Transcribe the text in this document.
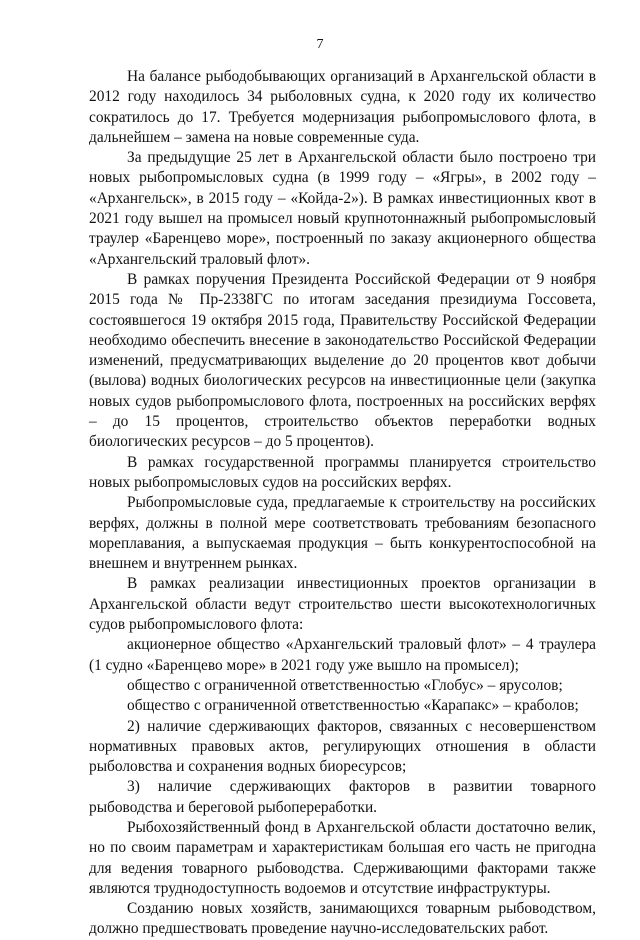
7

На балансе рыбодобывающих организаций в Архангельской области в 2012 году находилось 34 рыболовных судна, к 2020 году их количество сократилось до 17. Требуется модернизация рыбопромыслового флота, в дальнейшем – замена на новые современные суда.

За предыдущие 25 лет в Архангельской области было построено три новых рыбопромысловых судна (в 1999 году – «Ягры», в 2002 году – «Архангельск», в 2015 году – «Койда-2»). В рамках инвестиционных квот в 2021 году вышел на промысел новый крупнотоннажный рыбопромысловый траулер «Баренцево море», построенный по заказу акционерного общества «Архангельский траловый флот».

В рамках поручения Президента Российской Федерации от 9 ноября 2015 года № Пр-2338ГС по итогам заседания президиума Госсовета, состоявшегося 19 октября 2015 года, Правительству Российской Федерации необходимо обеспечить внесение в законодательство Российской Федерации изменений, предусматривающих выделение до 20 процентов квот добычи (вылова) водных биологических ресурсов на инвестиционные цели (закупка новых судов рыбопромыслового флота, построенных на российских верфях – до 15 процентов, строительство объектов переработки водных биологических ресурсов – до 5 процентов).

В рамках государственной программы планируется строительство новых рыбопромысловых судов на российских верфях.

Рыбопромысловые суда, предлагаемые к строительству на российских верфях, должны в полной мере соответствовать требованиям безопасного мореплавания, а выпускаемая продукция – быть конкурентоспособной на внешнем и внутреннем рынках.

В рамках реализации инвестиционных проектов организации в Архангельской области ведут строительство шести высокотехнологичных судов рыбопромыслового флота:

акционерное общество «Архангельский траловый флот» – 4 траулера (1 судно «Баренцево море» в 2021 году уже вышло на промысел);

общество с ограниченной ответственностью «Глобус» – ярусолов;

общество с ограниченной ответственностью «Карапакс» – краболов;

2) наличие сдерживающих факторов, связанных с несовершенством нормативных правовых актов, регулирующих отношения в области рыболовства и сохранения водных биоресурсов;

3) наличие сдерживающих факторов в развитии товарного рыбоводства и береговой рыбопереработки.

Рыбохозяйственный фонд в Архангельской области достаточно велик, но по своим параметрам и характеристикам большая его часть не пригодна для ведения товарного рыбоводства. Сдерживающими факторами также являются труднодоступность водоемов и отсутствие инфраструктуры.

Созданию новых хозяйств, занимающихся товарным рыбоводством, должно предшествовать проведение научно-исследовательских работ.
